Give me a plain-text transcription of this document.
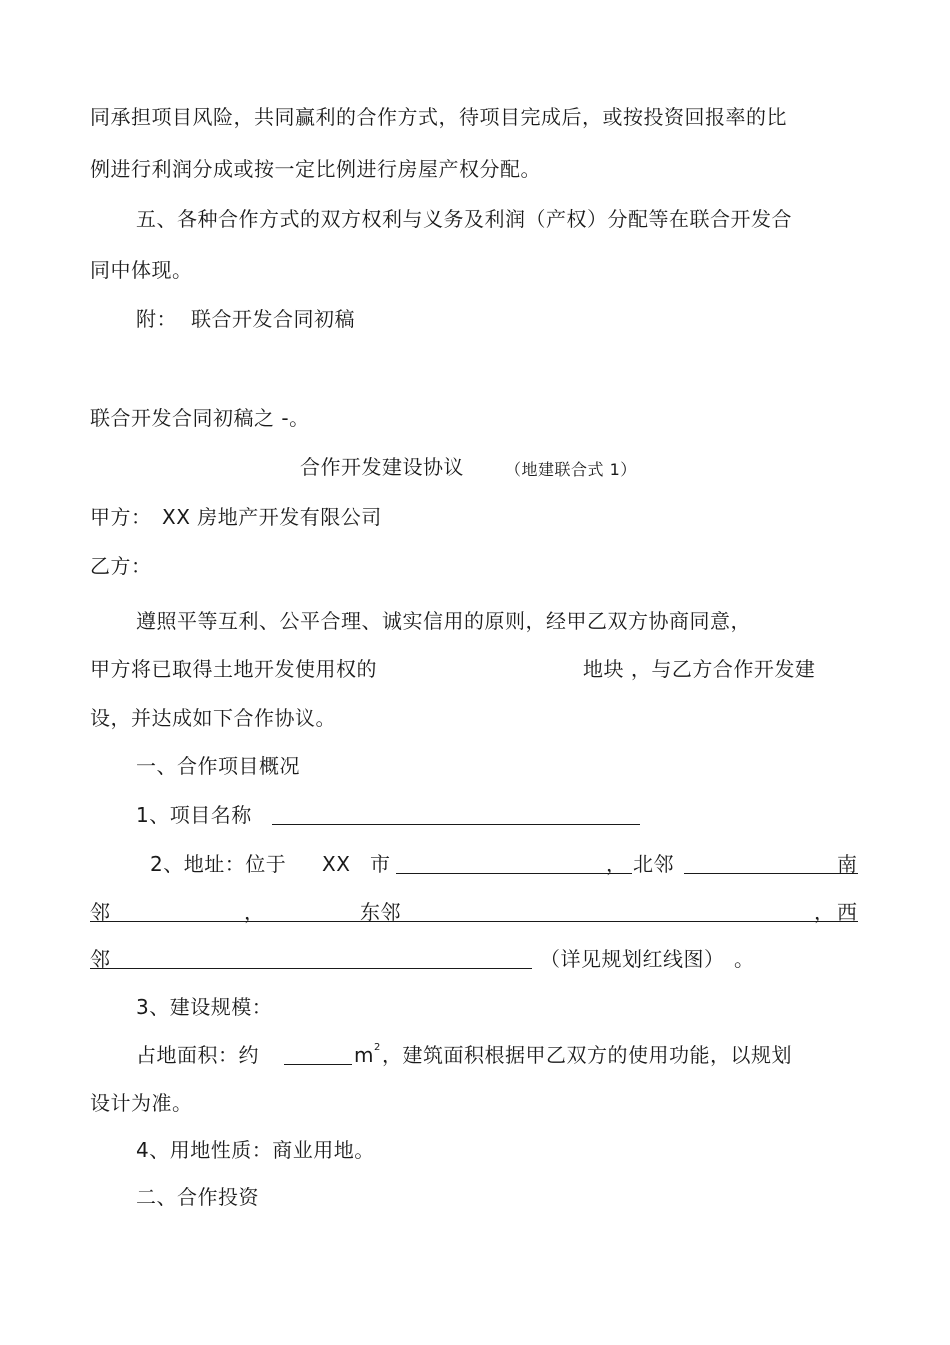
同承担项目风险，共同赢利的合作方式，待项目完成后，或按投资回报率的比
例进行利润分成或按一定比例进行房屋产权分配。
五、各种合作方式的双方权利与义务及利润（产权）分配等在联合开发合
同中体现。
附： 联合开发合同初稿
联合开发合同初稿之 -。
合作开发建设协议	（地建联合式 1）
甲方： XX 房地产开发有限公司
乙方：
遵照平等互利、公平合理、诚实信用的原则，经甲乙双方协商同意，
甲方将已取得土地开发使用权的	地块 ，与乙方合作开发建
设，并达成如下合作协议。
一、合作项目概况
1、项目名称
2、地址：位于 XX 市	， 北邻	南
邻	，	东邻	， 西
邻	（详见规划红线图） 。
3、建设规模：
占地面积：约	$m^2$ ，建筑面积根据甲乙双方的使用功能，以规划
设计为准。
4、用地性质：商业用地。
二、合作投资
